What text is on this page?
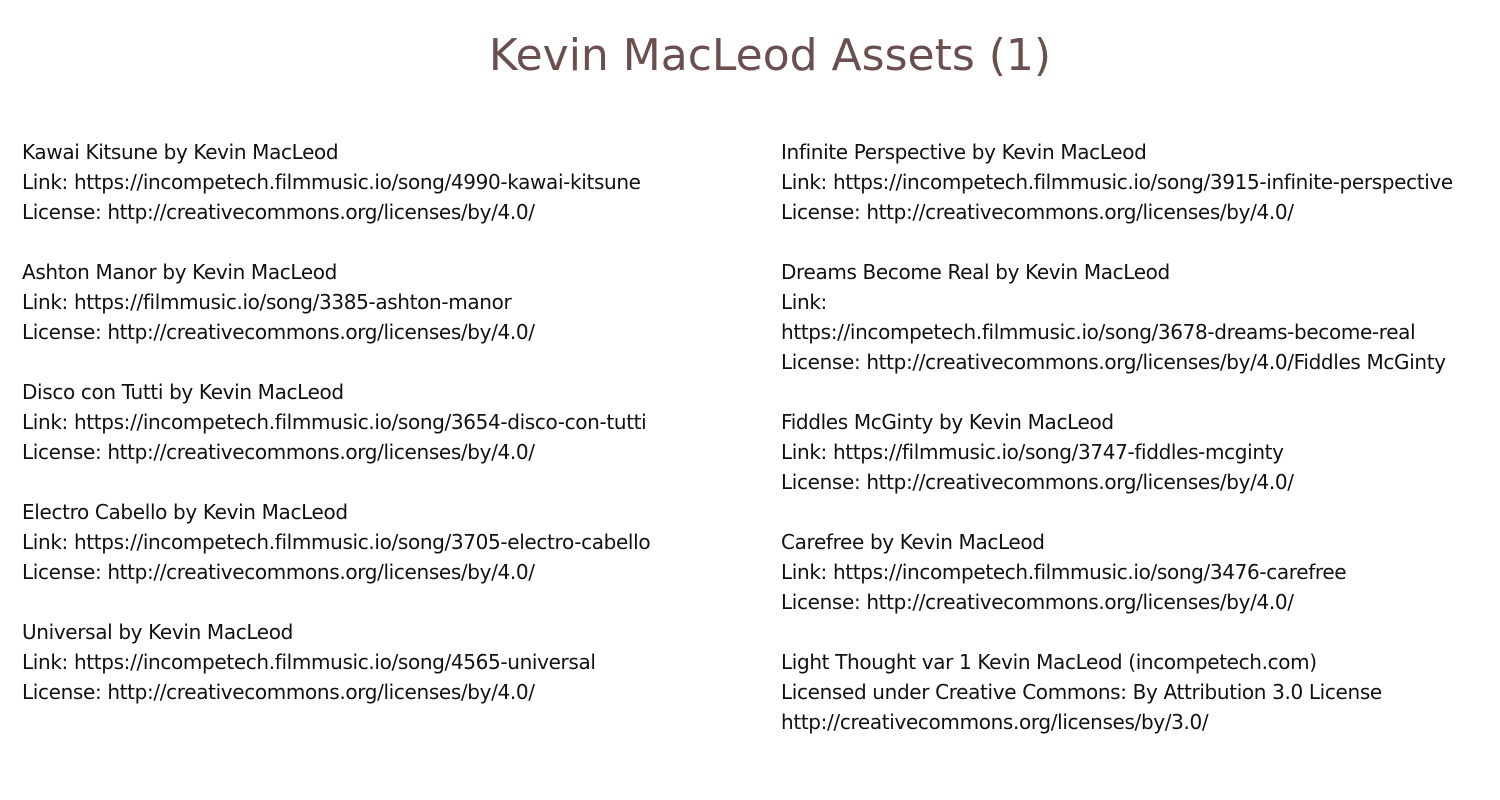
Kevin MacLeod Assets (1)
Kawai Kitsune by Kevin MacLeod
Link: https://incompetech.filmmusic.io/song/4990-kawai-kitsune
License: http://creativecommons.org/licenses/by/4.0/
Ashton Manor by Kevin MacLeod
Link: https://filmmusic.io/song/3385-ashton-manor
License: http://creativecommons.org/licenses/by/4.0/
Disco con Tutti by Kevin MacLeod
Link: https://incompetech.filmmusic.io/song/3654-disco-con-tutti
License: http://creativecommons.org/licenses/by/4.0/
Electro Cabello by Kevin MacLeod
Link: https://incompetech.filmmusic.io/song/3705-electro-cabello
License: http://creativecommons.org/licenses/by/4.0/
Universal by Kevin MacLeod
Link: https://incompetech.filmmusic.io/song/4565-universal
License: http://creativecommons.org/licenses/by/4.0/
Infinite Perspective by Kevin MacLeod
Link: https://incompetech.filmmusic.io/song/3915-infinite-perspective
License: http://creativecommons.org/licenses/by/4.0/
Dreams Become Real by Kevin MacLeod
Link:
https://incompetech.filmmusic.io/song/3678-dreams-become-real
License: http://creativecommons.org/licenses/by/4.0/Fiddles McGinty
Fiddles McGinty by Kevin MacLeod
Link: https://filmmusic.io/song/3747-fiddles-mcginty
License: http://creativecommons.org/licenses/by/4.0/
Carefree by Kevin MacLeod
Link: https://incompetech.filmmusic.io/song/3476-carefree
License: http://creativecommons.org/licenses/by/4.0/
Light Thought var 1 Kevin MacLeod (incompetech.com)
Licensed under Creative Commons: By Attribution 3.0 License
http://creativecommons.org/licenses/by/3.0/
